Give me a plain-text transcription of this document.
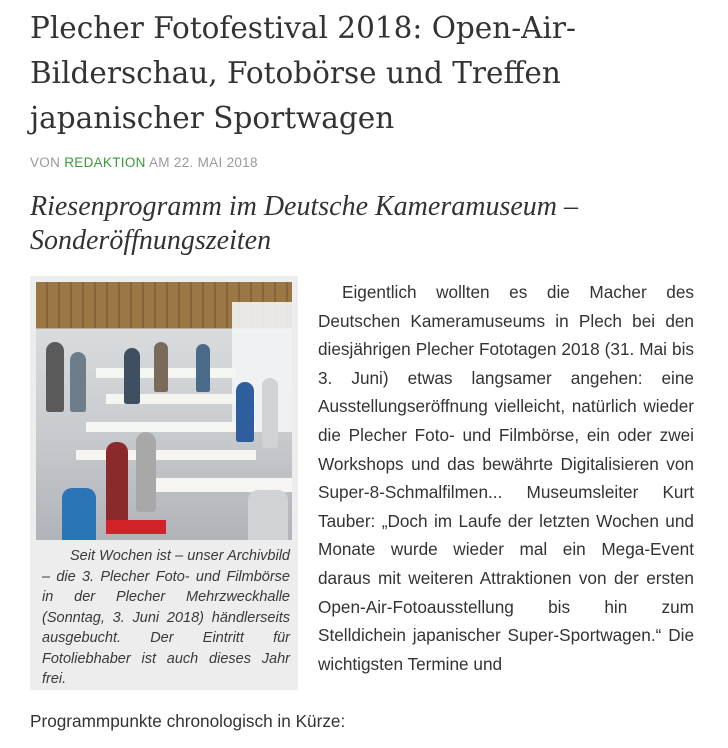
Plecher Fotofestival 2018: Open-Air-Bilderschau, Fotobörse und Treffen japanischer Sportwagen
VON REDAKTION AM 22. MAI 2018
Riesenprogramm im Deutsche Kameramuseum – Sonderöffnungszeiten

Seit Wochen ist – unser Archivbild – die 3. Plecher Foto- und Filmbörse in der Plecher Mehrzweckhalle (Sonntag, 3. Juni 2018) händlerseits ausgebucht. Der Eintritt für Fotoliebhaber ist auch dieses Jahr frei.

Eigentlich wollten es die Macher des Deutschen Kameramuseums in Plech bei den diesjährigen Plecher Fototagen 2018 (31. Mai bis 3. Juni) etwas langsamer angehen: eine Ausstellungseröffnung vielleicht, natürlich wieder die Plecher Foto- und Filmbörse, ein oder zwei Workshops und das bewährte Digitalisieren von Super-8-Schmalfilmen... Museumsleiter Kurt Tauber: „Doch im Laufe der letzten Wochen und Monate wurde wieder mal ein Mega-Event daraus mit weiteren Attraktionen von der ersten Open-Air-Fotoausstellung bis hin zum Stelldichein japanischer Super-Sportwagen.“ Die wichtigsten Termine und

Programmpunkte chronologisch in Kürze:
